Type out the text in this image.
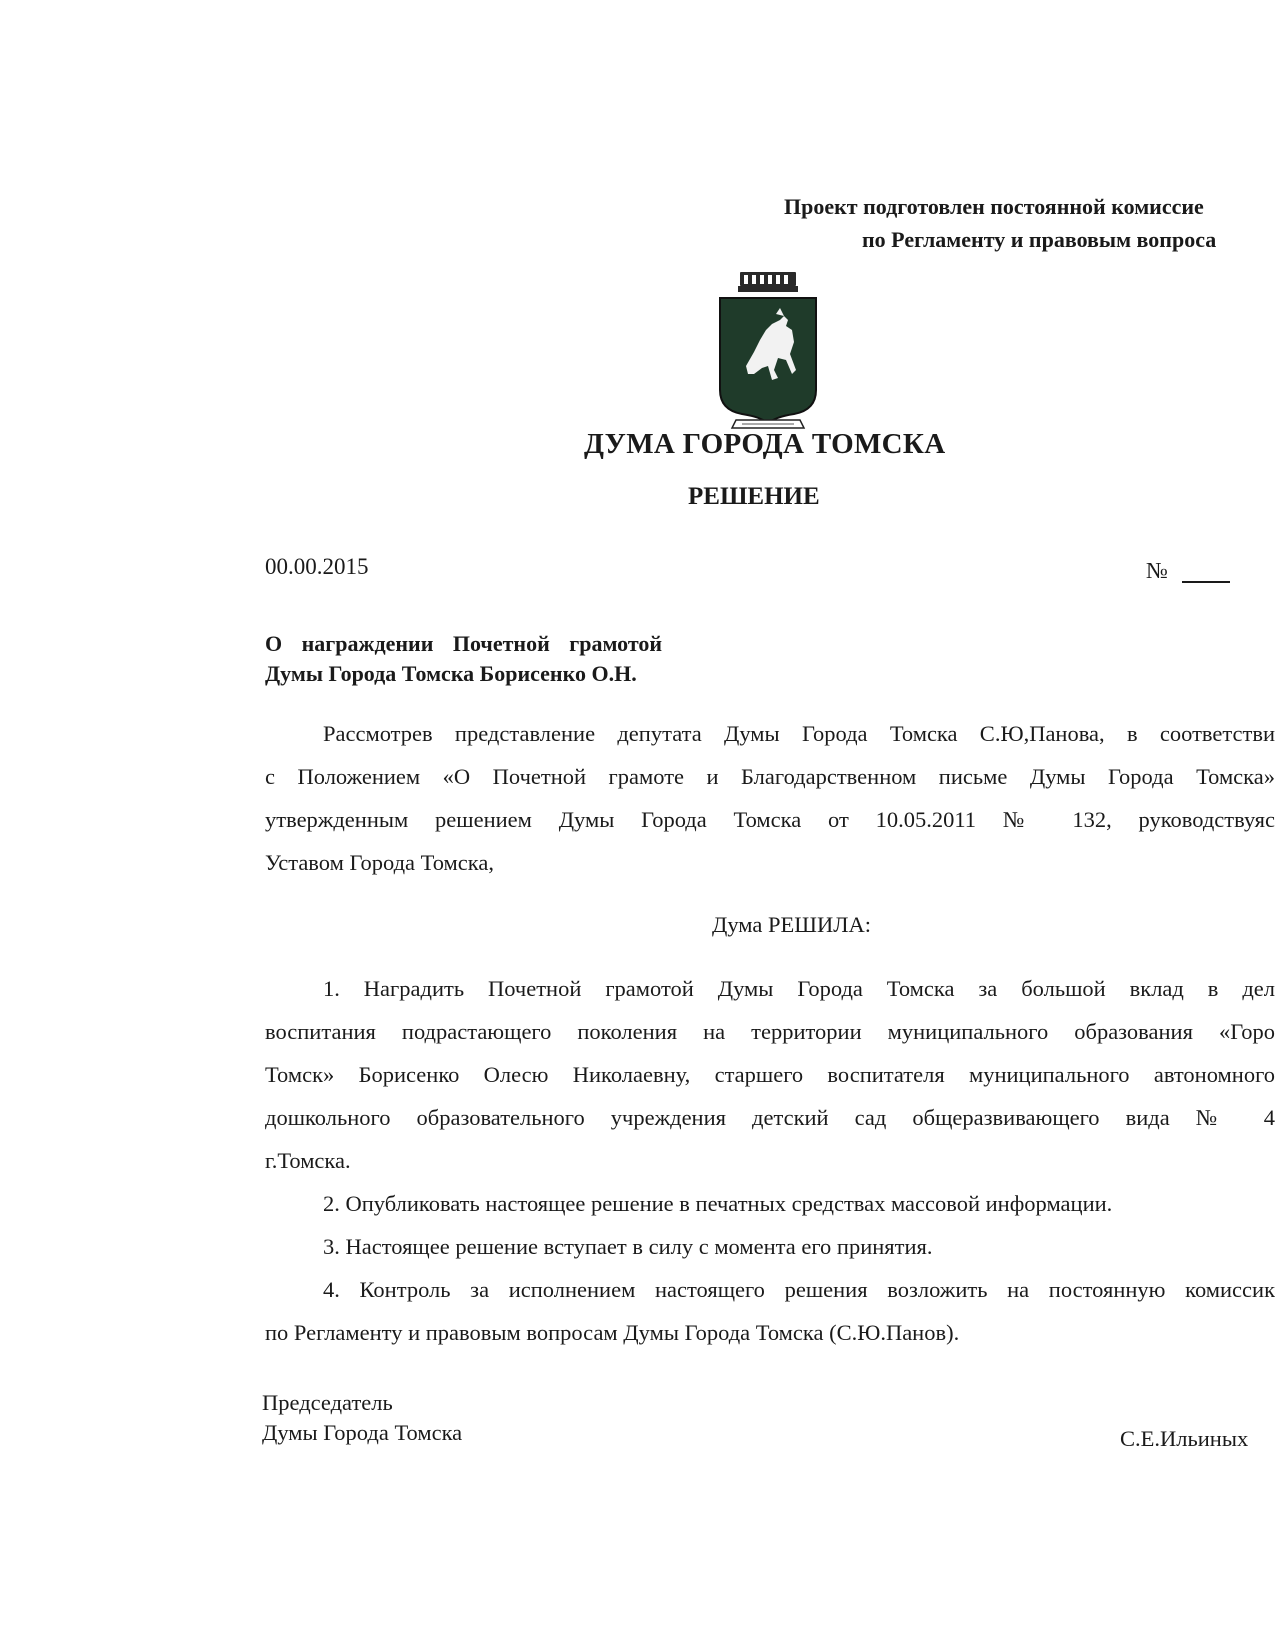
Проект подготовлен постоянной комиссие
по Регламенту и правовым вопроса
ДУМА ГОРОДА ТОМСКА
РЕШЕНИЕ
00.00.2015	№
О награждении Почетной грамотой
Думы Города Томска Борисенко О.Н.
Рассмотрев представление депутата Думы Города Томска С.Ю,Панова, в соответстви
с Положением «О Почетной грамоте и Благодарственном письме Думы Города Томска»
утвержденным решением Думы Города Томска от 10.05.2011 № 132, руководствуяс
Уставом Города Томска,
Дума РЕШИЛА:
1. Наградить Почетной грамотой Думы Города Томска за большой вклад в дел
воспитания подрастающего поколения на территории муниципального образования «Горо
Томск» Борисенко Олесю Николаевну, старшего воспитателя муниципального автономного
дошкольного образовательного учреждения детский сад общеразвивающего вида № 4
г.Томска.
2. Опубликовать настоящее решение в печатных средствах массовой информации.
3. Настоящее решение вступает в силу с момента его принятия.
4. Контроль за исполнением настоящего решения возложить на постоянную комиссик
по Регламенту и правовым вопросам Думы Города Томска (С.Ю.Панов).
Председатель
Думы Города Томска	С.Е.Ильиных
